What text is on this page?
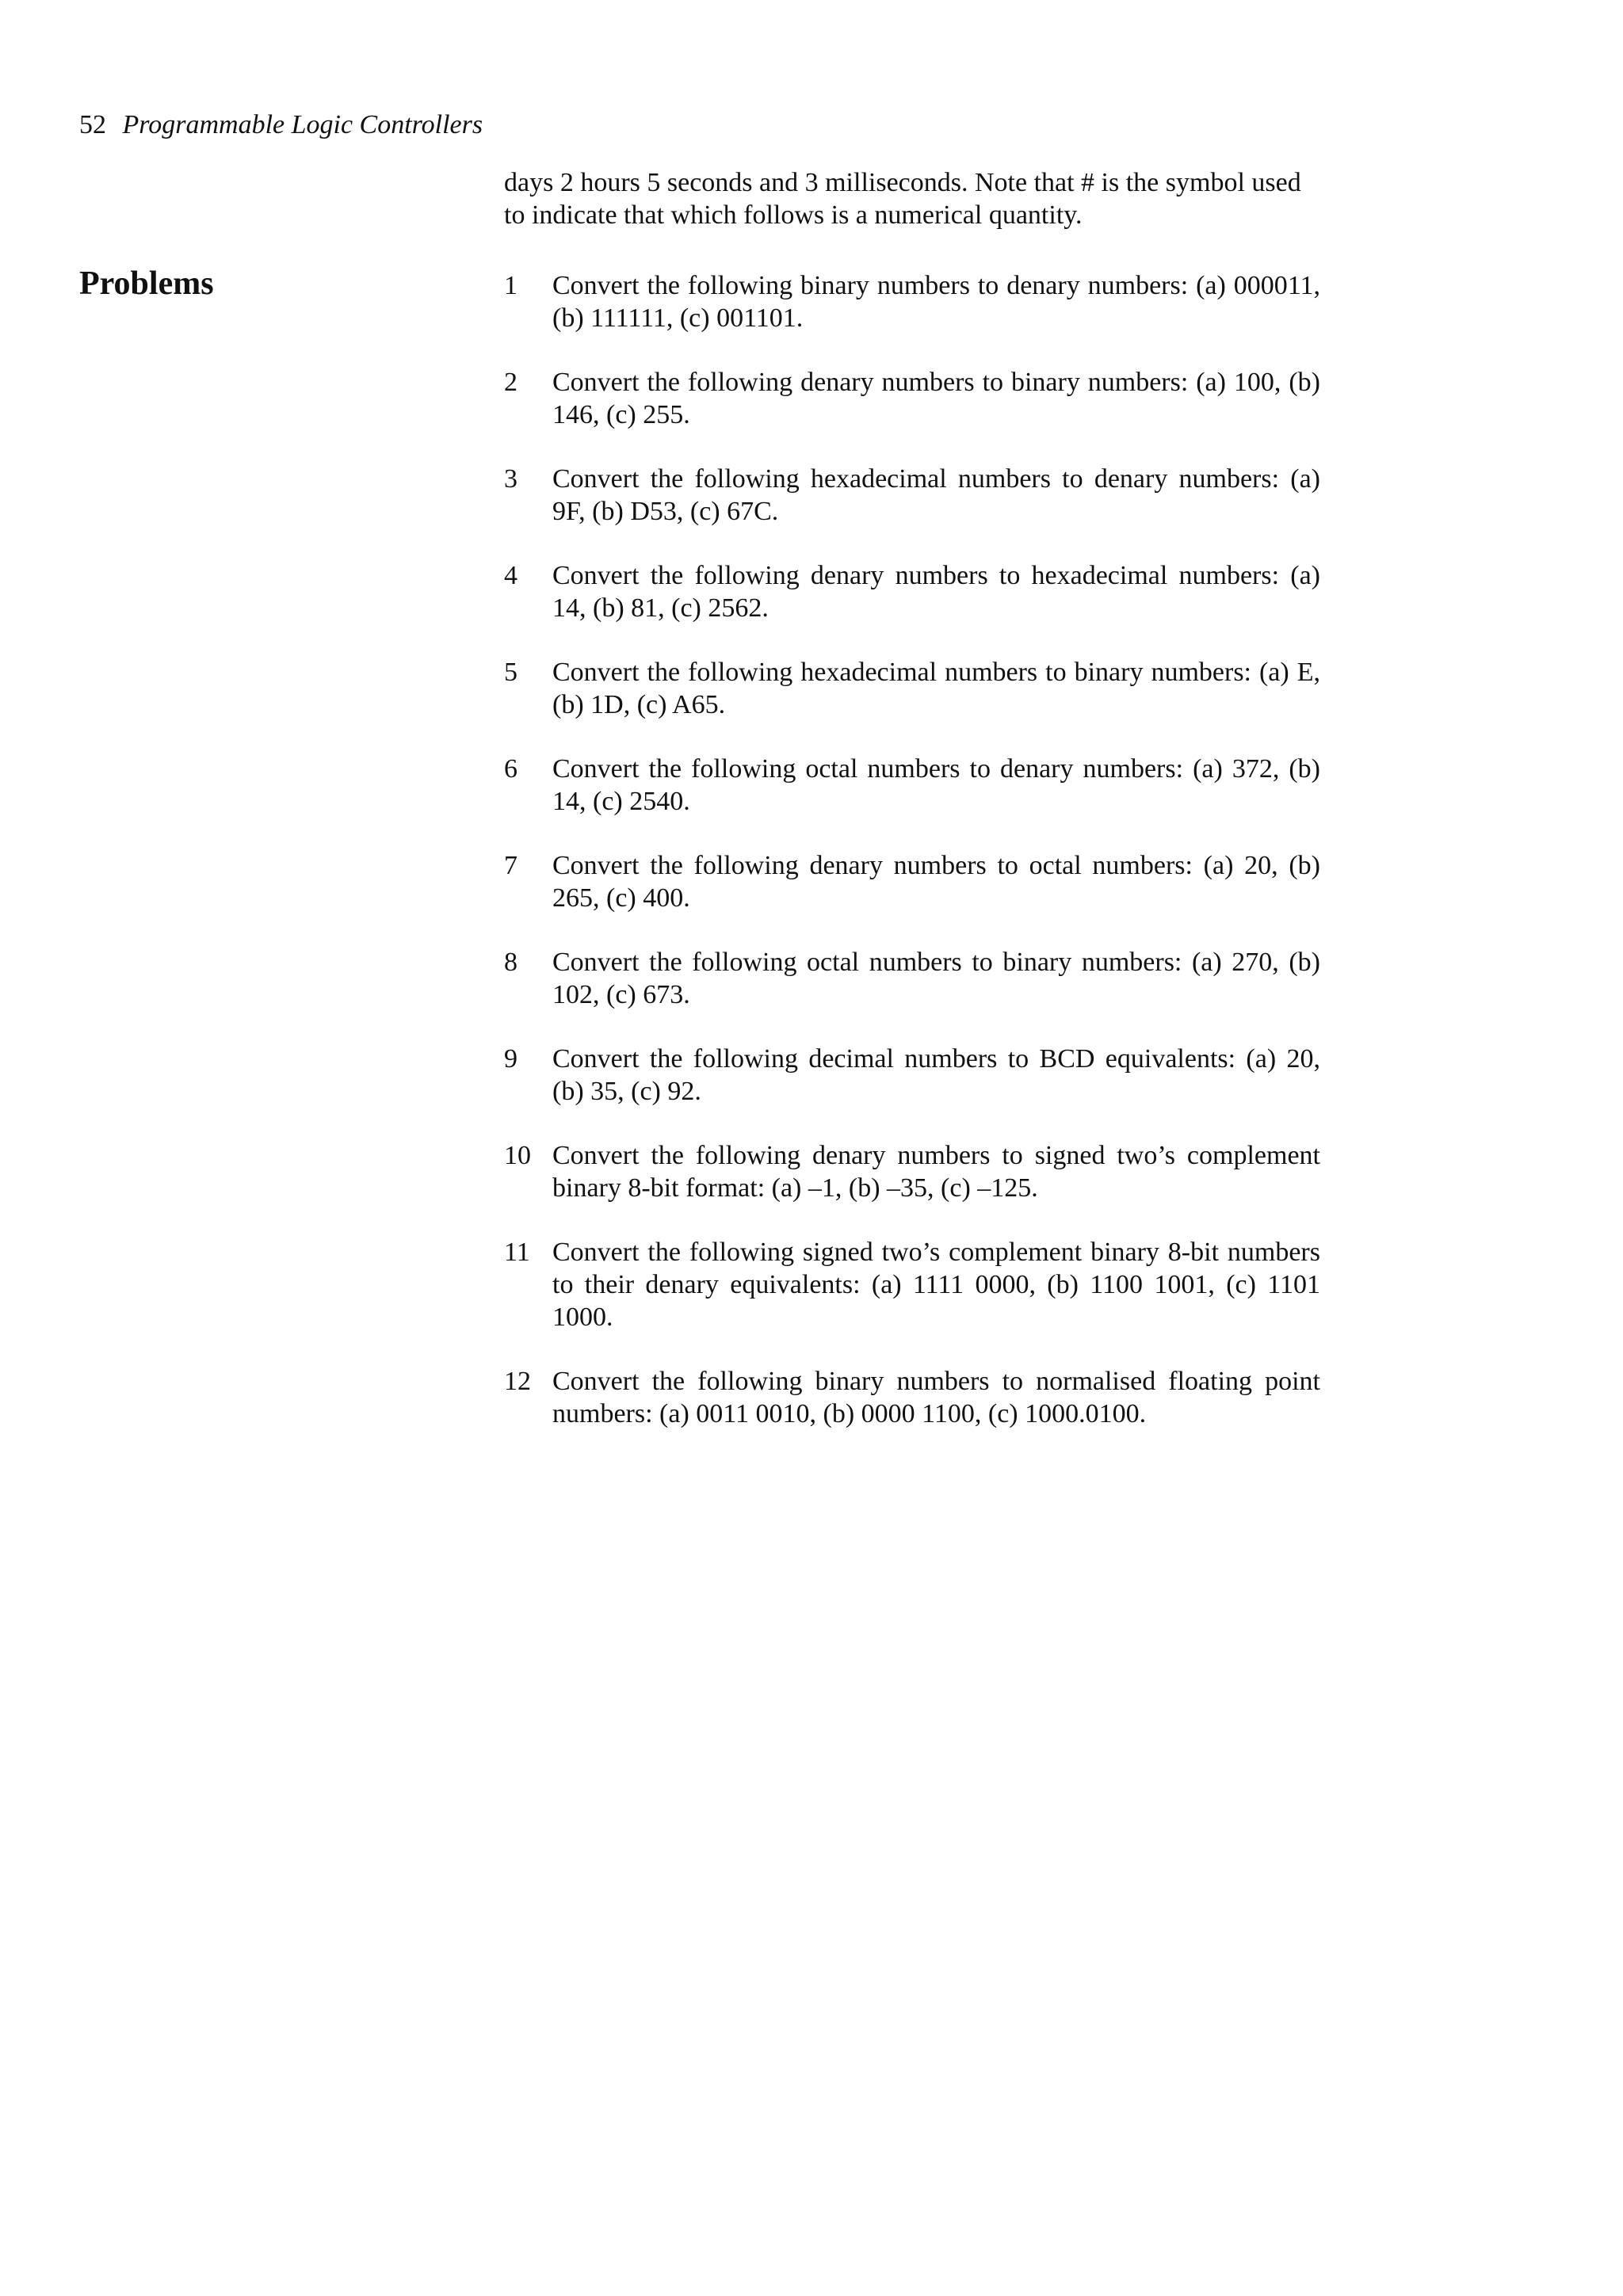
52 Programmable Logic Controllers

days 2 hours 5 seconds and 3 milliseconds. Note that # is the symbol used to indicate that which follows is a numerical quantity.

Problems	1	Convert the following binary numbers to denary numbers: (a) 000011, (b) 111111, (c) 001101.
2	Convert the following denary numbers to binary numbers: (a) 100, (b) 146, (c) 255.
3	Convert the following hexadecimal numbers to denary numbers: (a) 9F, (b) D53, (c) 67C.
4	Convert the following denary numbers to hexadecimal numbers: (a) 14, (b) 81, (c) 2562.
5	Convert the following hexadecimal numbers to binary numbers: (a) E, (b) 1D, (c) A65.
6	Convert the following octal numbers to denary numbers: (a) 372, (b) 14, (c) 2540.
7	Convert the following denary numbers to octal numbers: (a) 20, (b) 265, (c) 400.
8	Convert the following octal numbers to binary numbers: (a) 270, (b) 102, (c) 673.
9	Convert the following decimal numbers to BCD equivalents: (a) 20, (b) 35, (c) 92.
10 Convert the following denary numbers to signed two’s complement binary 8-bit format: (a) –1, (b) –35, (c) –125.
11 Convert the following signed two’s complement binary 8-bit numbers to their denary equivalents: (a) 1111 0000, (b) 1100 1001, (c) 1101 1000.
12 Convert the following binary numbers to normalised floating point numbers: (a) 0011 0010, (b) 0000 1100, (c) 1000.0100.
